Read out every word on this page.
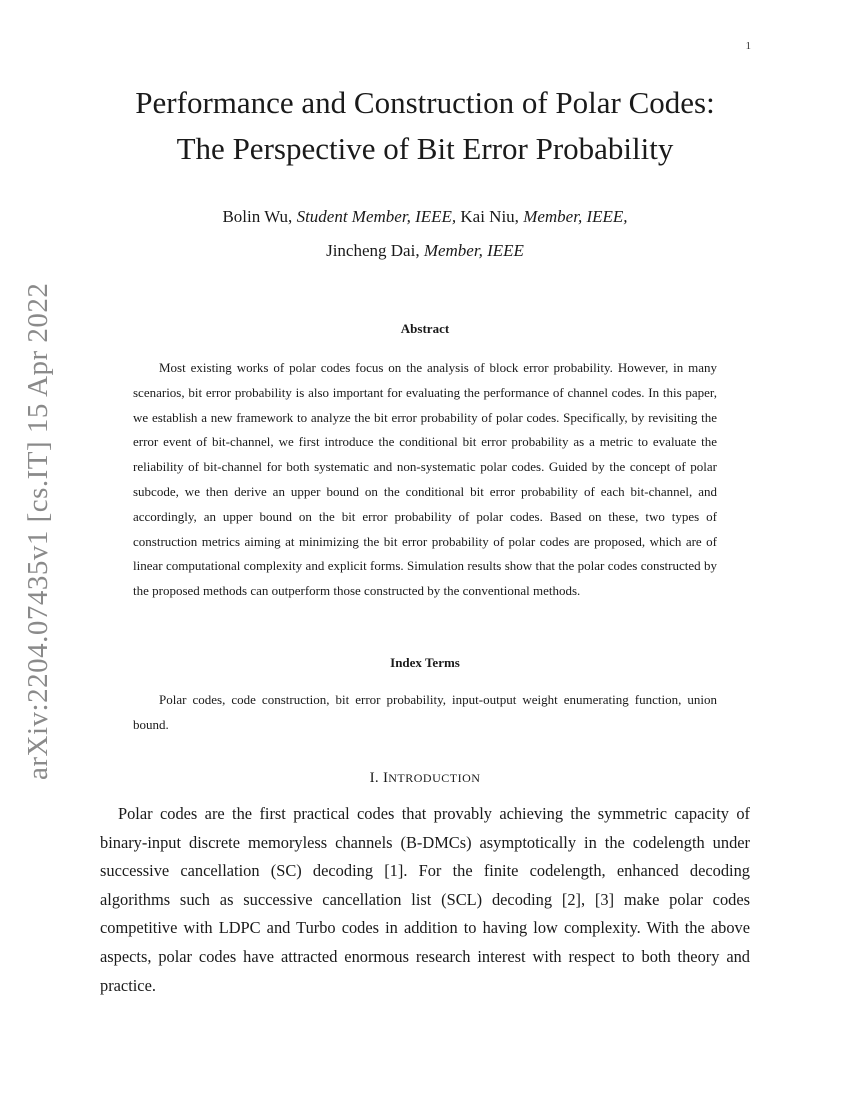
1
arXiv:2204.07435v1 [cs.IT] 15 Apr 2022
Performance and Construction of Polar Codes:
The Perspective of Bit Error Probability
Bolin Wu, Student Member, IEEE, Kai Niu, Member, IEEE,
Jincheng Dai, Member, IEEE
Abstract

Most existing works of polar codes focus on the analysis of block error probability. However, in many scenarios, bit error probability is also important for evaluating the performance of channel codes. In this paper, we establish a new framework to analyze the bit error probability of polar codes. Specifically, by revisiting the error event of bit-channel, we first introduce the conditional bit error probability as a metric to evaluate the reliability of bit-channel for both systematic and non-systematic polar codes. Guided by the concept of polar subcode, we then derive an upper bound on the conditional bit error probability of each bit-channel, and accordingly, an upper bound on the bit error probability of polar codes. Based on these, two types of construction metrics aiming at minimizing the bit error probability of polar codes are proposed, which are of linear computational complexity and explicit forms. Simulation results show that the polar codes constructed by the proposed methods can outperform those constructed by the conventional methods.

Index Terms

Polar codes, code construction, bit error probability, input-output weight enumerating function, union bound.

I. INTRODUCTION

Polar codes are the first practical codes that provably achieving the symmetric capacity of binary-input discrete memoryless channels (B-DMCs) asymptotically in the codelength under successive cancellation (SC) decoding [1]. For the finite codelength, enhanced decoding algorithms such as successive cancellation list (SCL) decoding [2], [3] make polar codes competitive with LDPC and Turbo codes in addition to having low complexity. With the above aspects, polar codes have attracted enormous research interest with respect to both theory and practice.
